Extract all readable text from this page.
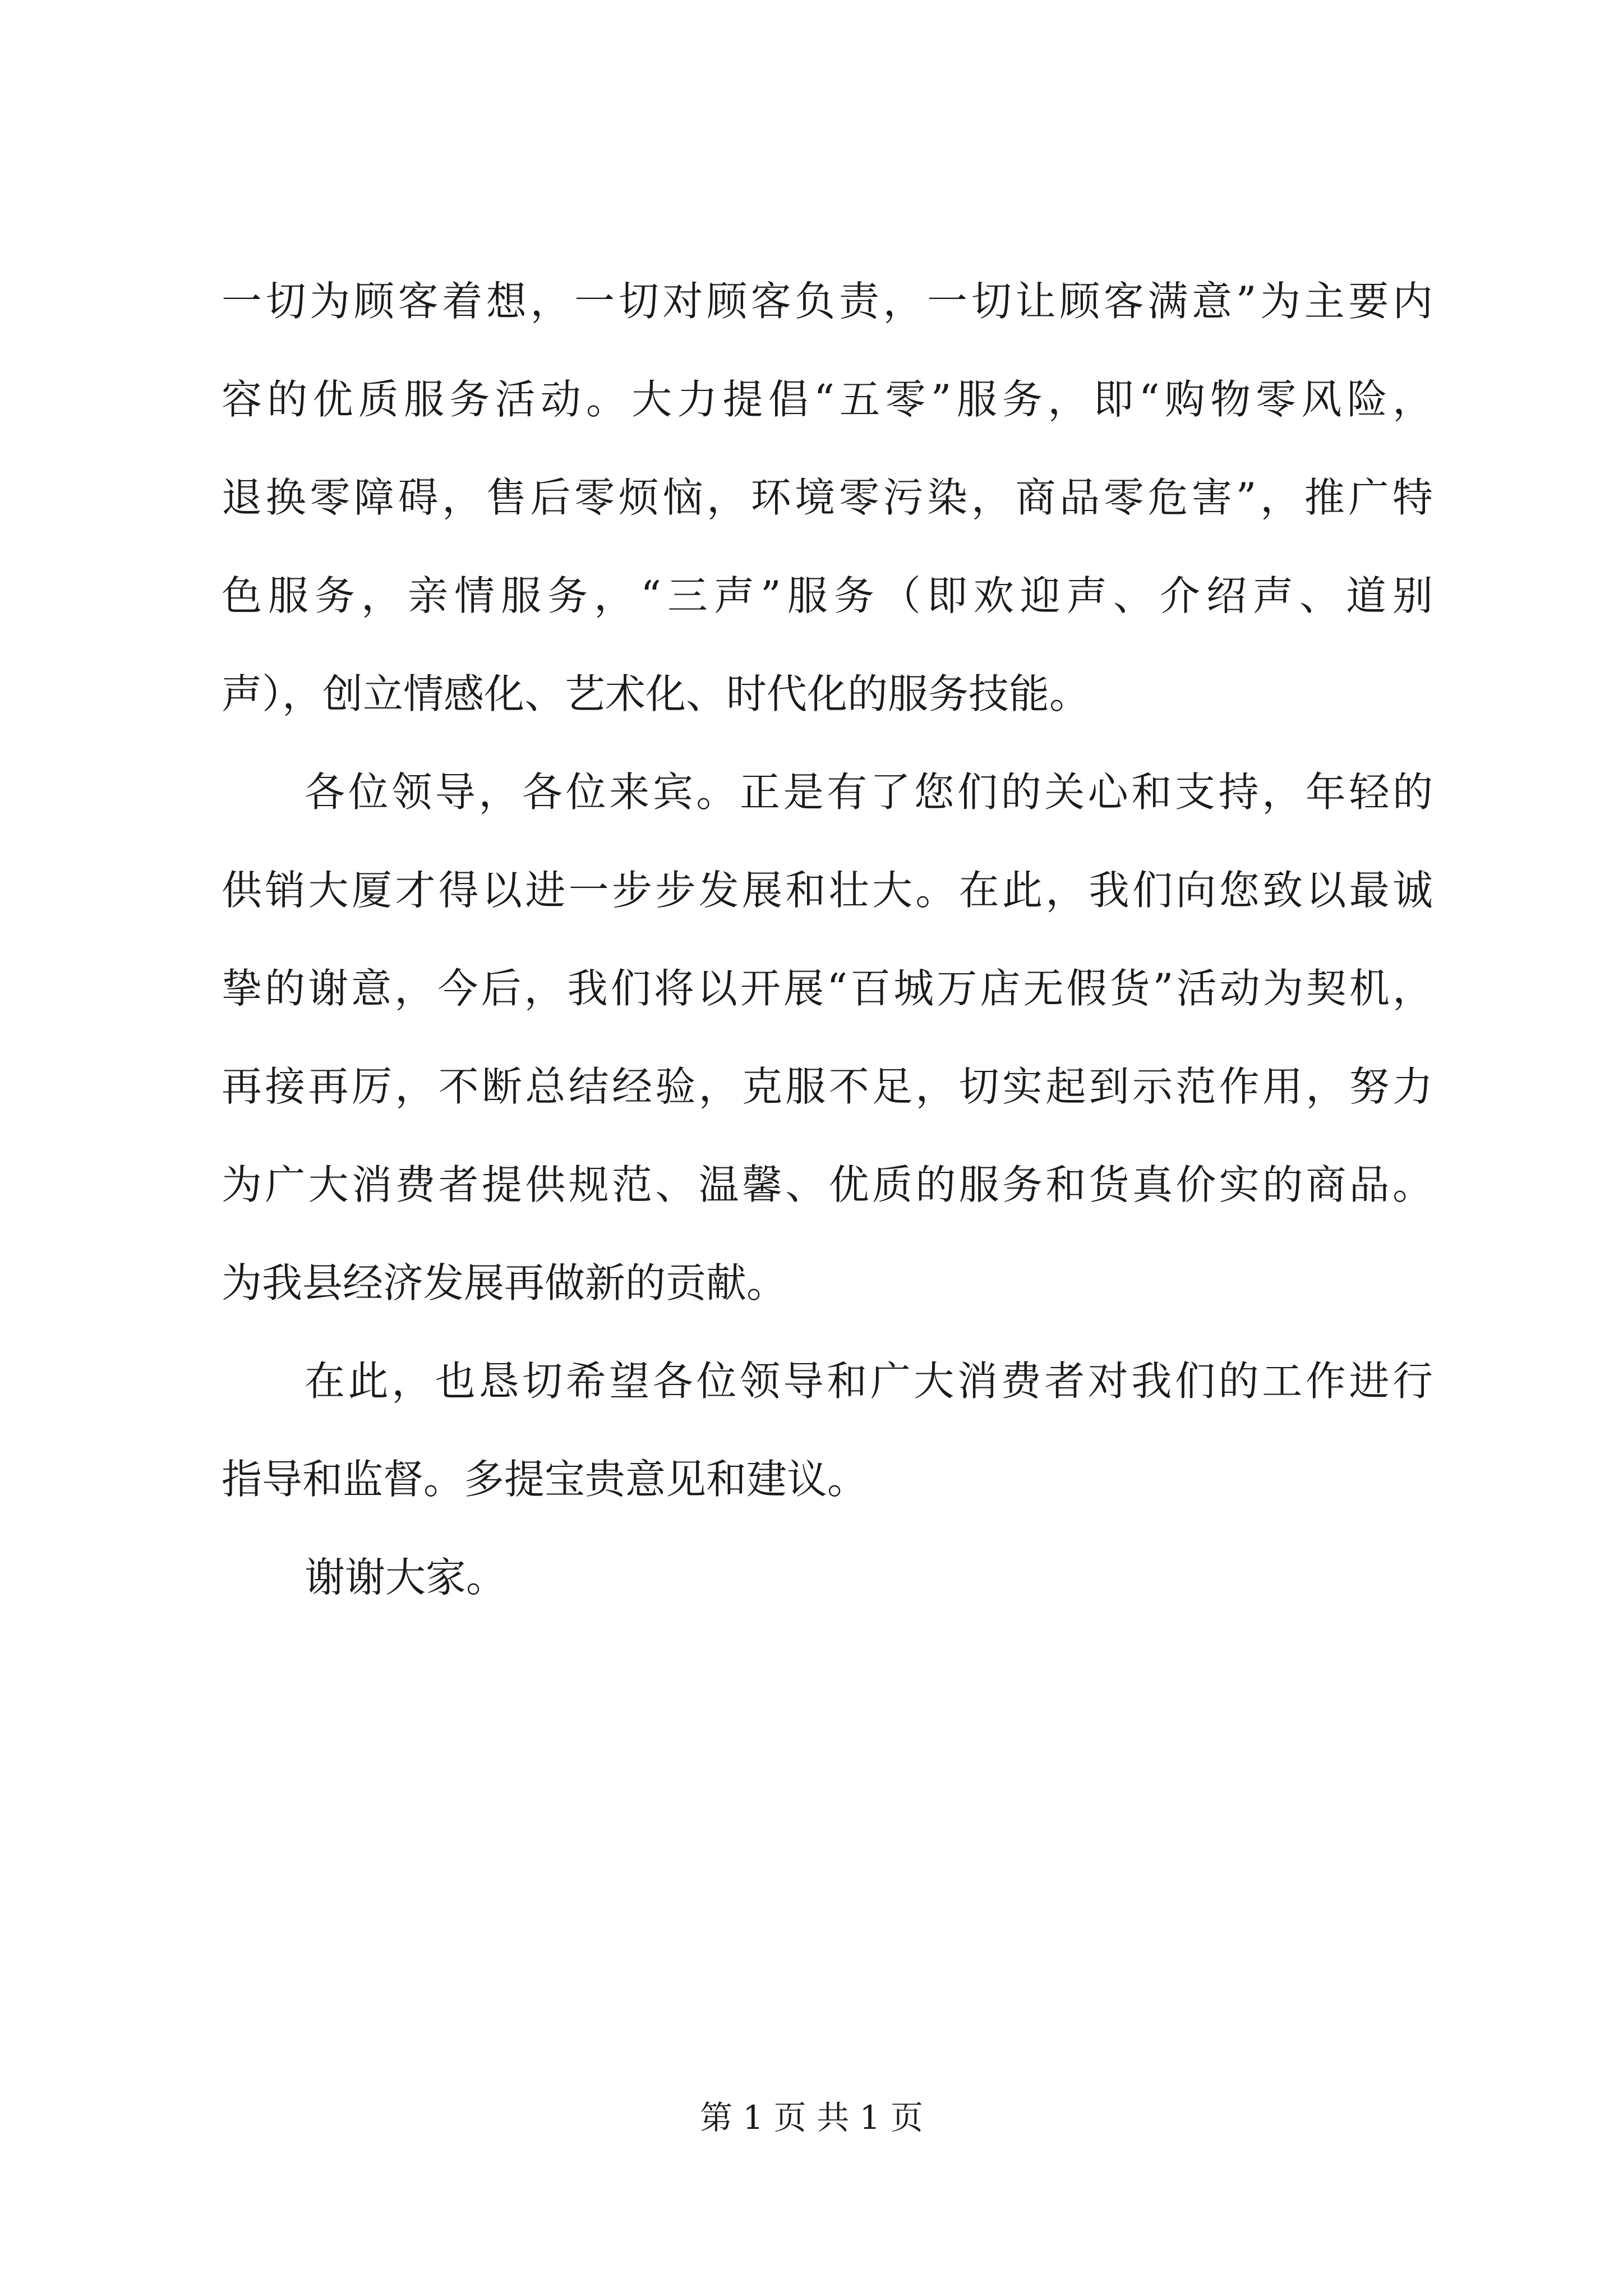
一切为顾客着想，一切对顾客负责，一切让顾客满意”为主要内
容的优质服务活动。大力提倡“五零”服务，即“购物零风险，
退换零障碍，售后零烦恼，环境零污染，商品零危害”，推广特
色服务，亲情服务，“三声”服务（即欢迎声、介绍声、道别
声），创立情感化、艺术化、时代化的服务技能。
各位领导，各位来宾。正是有了您们的关心和支持，年轻的
供销大厦才得以进一步步发展和壮大。在此，我们向您致以最诚
挚的谢意，今后，我们将以开展“百城万店无假货”活动为契机，
再接再厉，不断总结经验，克服不足，切实起到示范作用，努力
为广大消费者提供规范、温馨、优质的服务和货真价实的商品。
为我县经济发展再做新的贡献。
在此，也恳切希望各位领导和广大消费者对我们的工作进行
指导和监督。多提宝贵意见和建议。
谢谢大家。
第 1 页 共 1 页
